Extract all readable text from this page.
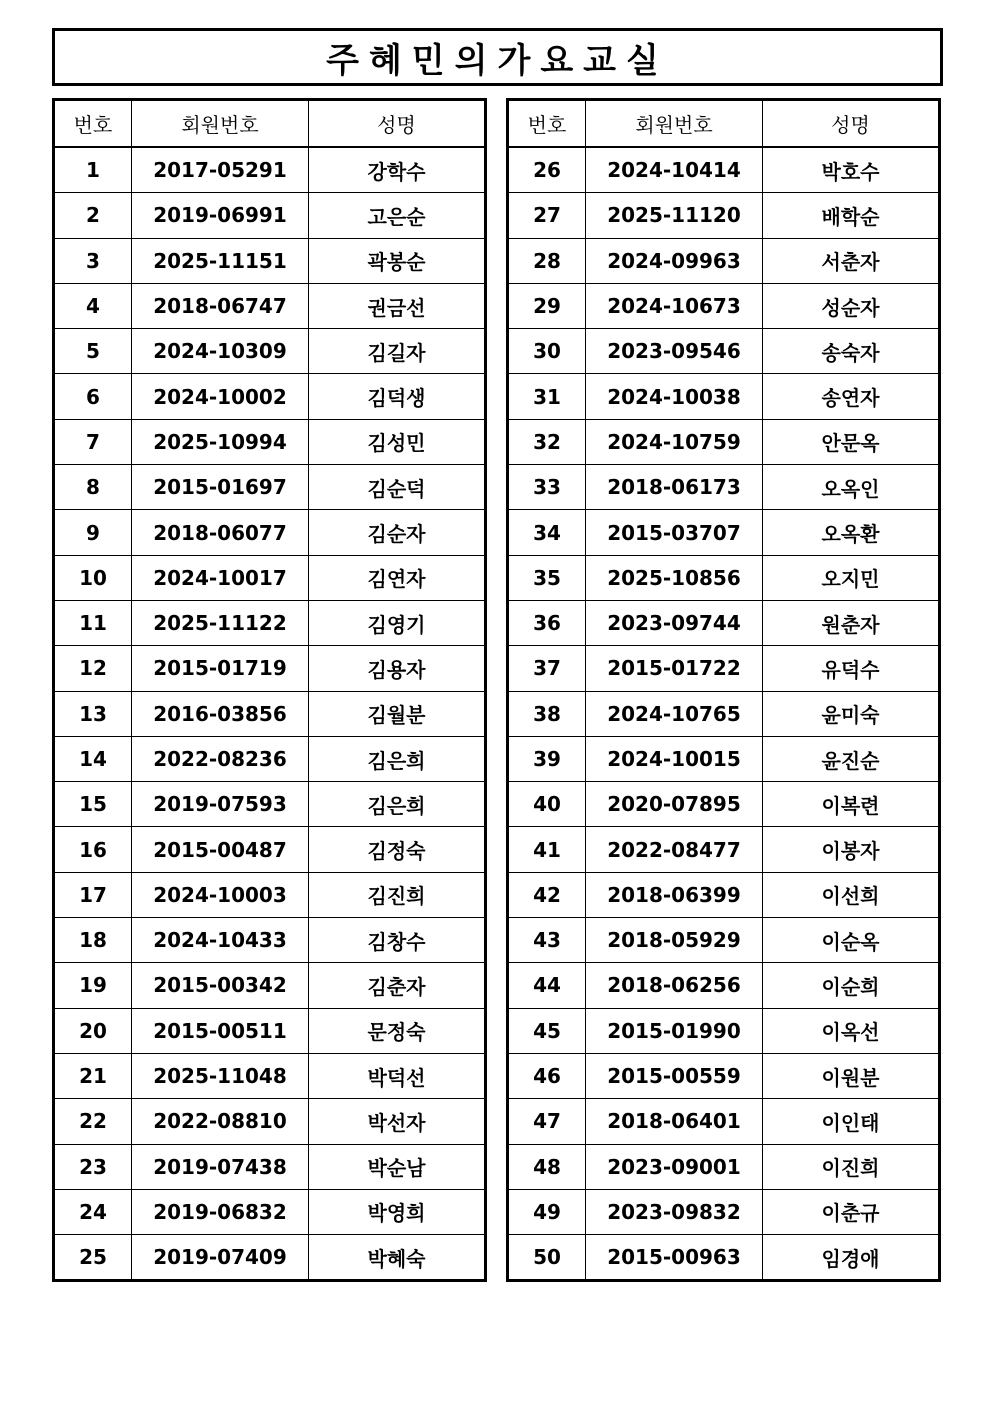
주혜민의가요교실
번호	회원번호	성명
1	2017-05291	강학수
2	2019-06991	고은순
3	2025-11151	곽봉순
4	2018-06747	권금선
5	2024-10309	김길자
6	2024-10002	김덕생
7	2025-10994	김성민
8	2015-01697	김순덕
9	2018-06077	김순자
10	2024-10017	김연자
11	2025-11122	김영기
12	2015-01719	김용자
13	2016-03856	김월분
14	2022-08236	김은희
15	2019-07593	김은희
16	2015-00487	김정숙
17	2024-10003	김진희
18	2024-10433	김창수
19	2015-00342	김춘자
20	2015-00511	문정숙
21	2025-11048	박덕선
22	2022-08810	박선자
23	2019-07438	박순남
24	2019-06832	박영희
25	2019-07409	박혜숙
번호	회원번호	성명
26	2024-10414	박호수
27	2025-11120	배학순
28	2024-09963	서춘자
29	2024-10673	성순자
30	2023-09546	송숙자
31	2024-10038	송연자
32	2024-10759	안문옥
33	2018-06173	오옥인
34	2015-03707	오옥환
35	2025-10856	오지민
36	2023-09744	원춘자
37	2015-01722	유덕수
38	2024-10765	윤미숙
39	2024-10015	윤진순
40	2020-07895	이복련
41	2022-08477	이봉자
42	2018-06399	이선희
43	2018-05929	이순옥
44	2018-06256	이순희
45	2015-01990	이옥선
46	2015-00559	이원분
47	2018-06401	이인태
48	2023-09001	이진희
49	2023-09832	이춘규
50	2015-00963	임경애
